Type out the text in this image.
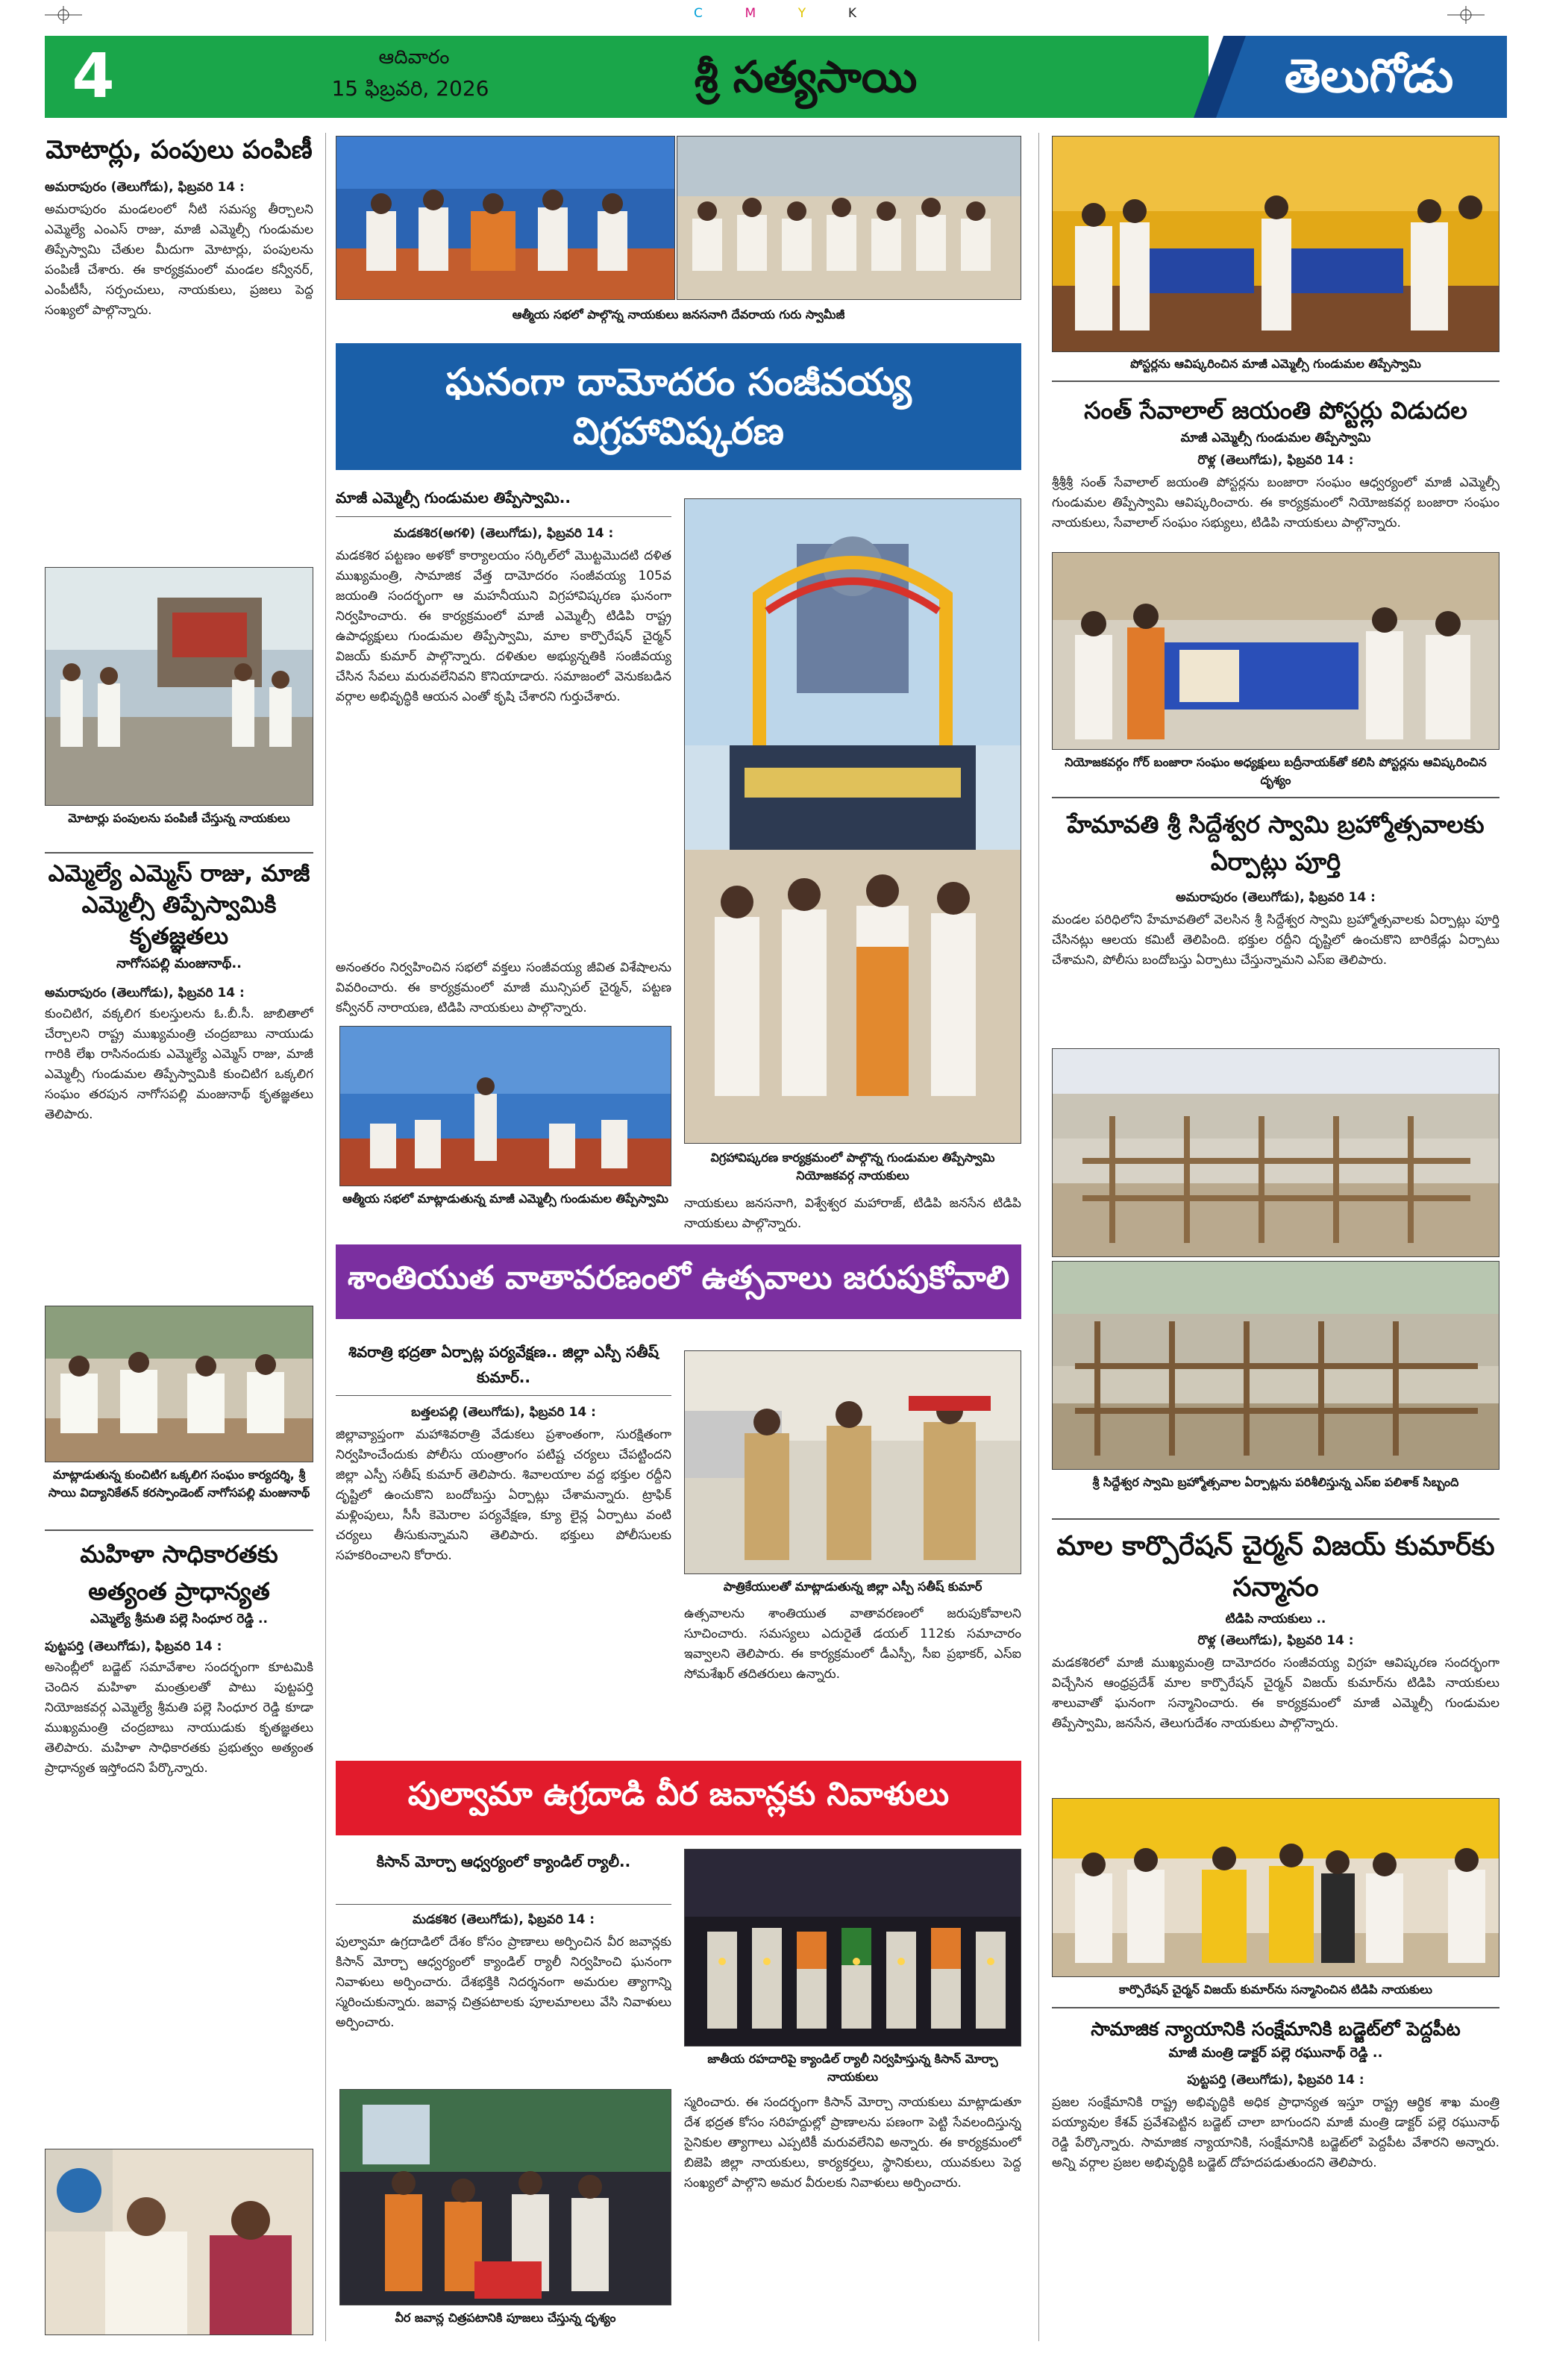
C	M	Y	K
4	ఆదివారం
15 ఫిబ్రవరి, 2026	శ్రీ సత్యసాయి	తెలుగోడు
మోటార్లు, పంపులు పంపిణీ
అమరాపురం (తెలుగోడు), ఫిబ్రవరి 14 :
అమరాపురం మండలంలో నీటి సమస్య తీర్చాలని ఎమ్మెల్యే ఎంఎస్ రాజు, మాజీ ఎమ్మెల్సీ గుండుమల తిప్పేస్వామి చేతుల మీదుగా మోటార్లు, పంపులను పంపిణీ చేశారు. ఈ కార్యక్రమంలో మండల కన్వీనర్, ఎంపీటీసీ, సర్పంచులు, నాయకులు, ప్రజలు పెద్ద సంఖ్యలో పాల్గొన్నారు.
మోటార్లు పంపులను పంపిణీ చేస్తున్న నాయకులు
ఎమ్మెల్యే ఎమ్మెస్ రాజు, మాజీ ఎమ్మెల్సీ తిప్పేస్వామికి కృతజ్ఞతలు
నాగోసపల్లి మంజునాథ్..
అమరాపురం (తెలుగోడు), ఫిబ్రవరి 14 :
కుంచిటిగ, వక్కలిగ కులస్తులను ఓ.బీ.సీ. జాబితాలో చేర్చాలని రాష్ట్ర ముఖ్యమంత్రి చంద్రబాబు నాయుడు గారికి లేఖ రాసినందుకు ఎమ్మెల్యే ఎమ్మెస్ రాజు, మాజీ ఎమ్మెల్సీ గుండుమల తిప్పేస్వామికి కుంచిటిగ ఒక్కలిగ సంఘం తరపున నాగోసపల్లి మంజునాథ్ కృతజ్ఞతలు తెలిపారు.
మాట్లాడుతున్న కుంచిటిగ ఒక్కలిగ సంఘం కార్యదర్శి, శ్రీ సాయి విద్యానికేతన్ కరస్పాండెంట్ నాగోసపల్లి మంజునాథ్
మహిళా సాధికారతకు అత్యంత ప్రాధాన్యత
ఎమ్మెల్యే శ్రీమతి పల్లె సింధూర రెడ్డి ..
పుట్టపర్తి (తెలుగోడు), ఫిబ్రవరి 14 :
అసెంబ్లీలో బడ్జెట్ సమావేశాల సందర్భంగా కూటమికి చెందిన మహిళా మంత్రులతో పాటు పుట్టపర్తి నియోజకవర్గ ఎమ్మెల్యే శ్రీమతి పల్లె సింధూర రెడ్డి కూడా ముఖ్యమంత్రి చంద్రబాబు నాయుడుకు కృతజ్ఞతలు తెలిపారు. మహిళా సాధికారతకు ప్రభుత్వం అత్యంత ప్రాధాన్యత ఇస్తోందని పేర్కొన్నారు.
ఆత్మీయ సభలో పాల్గొన్న నాయకులు జనసనాగి దేవరాయ గురు స్వామీజీ
ఘనంగా దామోదరం సంజీవయ్య విగ్రహావిష్కరణ
మాజీ ఎమ్మెల్సీ గుండుమల తిప్పేస్వామి..
మడకశిర(అగళి) (తెలుగోడు), ఫిబ్రవరి 14 :
మడకశిర పట్టణం అళకో కార్యాలయం సర్కిల్‌లో మొట్టమొదటి దళిత ముఖ్యమంత్రి, సామాజిక వేత్త దామోదరం సంజీవయ్య 105వ జయంతి సందర్భంగా ఆ మహనీయుని విగ్రహావిష్కరణ ఘనంగా నిర్వహించారు. ఈ కార్యక్రమంలో మాజీ ఎమ్మెల్సీ టిడిపి రాష్ట్ర ఉపాధ్యక్షులు గుండుమల తిప్పేస్వామి, మాల కార్పొరేషన్ చైర్మన్ విజయ్ కుమార్ పాల్గొన్నారు. దళితుల అభ్యున్నతికి సంజీవయ్య చేసిన సేవలు మరువలేనివని కొనియాడారు. సమాజంలో వెనుకబడిన వర్గాల అభివృద్ధికి ఆయన ఎంతో కృషి చేశారని గుర్తుచేశారు.
అనంతరం నిర్వహించిన సభలో వక్తలు సంజీవయ్య జీవిత విశేషాలను వివరించారు. ఈ కార్యక్రమంలో మాజీ మున్సిపల్ చైర్మన్, పట్టణ కన్వీనర్ నారాయణ, టిడిపి నాయకులు పాల్గొన్నారు.
ఆత్మీయ సభలో మాట్లాడుతున్న మాజీ ఎమ్మెల్సీ గుండుమల తిప్పేస్వామి
విగ్రహావిష్కరణ కార్యక్రమంలో పాల్గొన్న గుండుమల తిప్పేస్వామి నియోజకవర్గ నాయకులు
నాయకులు జనసనాగి, విశ్వేశ్వర మహారాజ్, టిడిపి జనసేన టిడిపి నాయకులు పాల్గొన్నారు.
శాంతియుత వాతావరణంలో ఉత్సవాలు జరుపుకోవాలి
శివరాత్రి భద్రతా ఏర్పాట్ల పర్యవేక్షణ.. జిల్లా ఎస్పీ సతీష్ కుమార్..
బత్తలపల్లి (తెలుగోడు), ఫిబ్రవరి 14 :
జిల్లావ్యాప్తంగా మహాశివరాత్రి వేడుకలు ప్రశాంతంగా, సురక్షితంగా నిర్వహించేందుకు పోలీసు యంత్రాంగం పటిష్ట చర్యలు చేపట్టిందని జిల్లా ఎస్పీ సతీష్ కుమార్ తెలిపారు. శివాలయాల వద్ద భక్తుల రద్దీని దృష్టిలో ఉంచుకొని బందోబస్తు ఏర్పాట్లు చేశామన్నారు. ట్రాఫిక్ మళ్లింపులు, సీసీ కెమెరాల పర్యవేక్షణ, క్యూ లైన్ల ఏర్పాటు వంటి చర్యలు తీసుకున్నామని తెలిపారు. భక్తులు పోలీసులకు సహకరించాలని కోరారు.
పాత్రికేయులతో మాట్లాడుతున్న జిల్లా ఎస్పీ సతీష్ కుమార్
ఉత్సవాలను శాంతియుత వాతావరణంలో జరుపుకోవాలని సూచించారు. సమస్యలు ఎదురైతే డయల్ 112కు సమాచారం ఇవ్వాలని తెలిపారు. ఈ కార్యక్రమంలో డీఎస్పీ, సీఐ ప్రభాకర్, ఎస్ఐ సోమశేఖర్ తదితరులు ఉన్నారు.
పుల్వామా ఉగ్రదాడి వీర జవాన్లకు నివాళులు
కిసాన్ మోర్చా ఆధ్వర్యంలో క్యాండిల్ ర్యాలీ..
మడకశిర (తెలుగోడు), ఫిబ్రవరి 14 :
పుల్వామా ఉగ్రదాడిలో దేశం కోసం ప్రాణాలు అర్పించిన వీర జవాన్లకు కిసాన్ మోర్చా ఆధ్వర్యంలో క్యాండిల్ ర్యాలీ నిర్వహించి ఘనంగా నివాళులు అర్పించారు. దేశభక్తికి నిదర్శనంగా అమరుల త్యాగాన్ని స్మరించుకున్నారు. జవాన్ల చిత్రపటాలకు పూలమాలలు వేసి నివాళులు అర్పించారు.
జాతీయ రహదారిపై క్యాండిల్ ర్యాలీ నిర్వహిస్తున్న కిసాన్ మోర్చా నాయకులు
వీర జవాన్ల చిత్రపటానికి పూజలు చేస్తున్న దృశ్యం
స్మరించారు. ఈ సందర్భంగా కిసాన్ మోర్చా నాయకులు మాట్లాడుతూ దేశ భద్రత కోసం సరిహద్దుల్లో ప్రాణాలను పణంగా పెట్టి సేవలందిస్తున్న సైనికుల త్యాగాలు ఎప్పటికీ మరువలేనివి అన్నారు. ఈ కార్యక్రమంలో బిజెపి జిల్లా నాయకులు, కార్యకర్తలు, స్థానికులు, యువకులు పెద్ద సంఖ్యలో పాల్గొని అమర వీరులకు నివాళులు అర్పించారు.
పోస్టర్లను ఆవిష్కరించిన మాజీ ఎమ్మెల్సీ గుండుమల తిప్పేస్వామి
సంత్ సేవాలాల్ జయంతి పోస్టర్లు విడుదల
మాజీ ఎమ్మెల్సీ గుండుమల తిప్పేస్వామి
రొళ్ల (తెలుగోడు), ఫిబ్రవరి 14 :
శ్రీశ్రీశ్రీ సంత్ సేవాలాల్ జయంతి పోస్టర్లను బంజారా సంఘం ఆధ్వర్యంలో మాజీ ఎమ్మెల్సీ గుండుమల తిప్పేస్వామి ఆవిష్కరించారు. ఈ కార్యక్రమంలో నియోజకవర్గ బంజారా సంఘం నాయకులు, సేవాలాల్ సంఘం సభ్యులు, టిడిపి నాయకులు పాల్గొన్నారు.
నియోజకవర్గం గోర్ బంజారా సంఘం అధ్యక్షులు బద్రీనాయక్‌తో కలిసి పోస్టర్లను ఆవిష్కరించిన దృశ్యం
హేమావతి శ్రీ సిద్దేశ్వర స్వామి బ్రహ్మోత్సవాలకు ఏర్పాట్లు పూర్తి
అమరాపురం (తెలుగోడు), ఫిబ్రవరి 14 :
మండల పరిధిలోని హేమావతిలో వెలసిన శ్రీ సిద్దేశ్వర స్వామి బ్రహ్మోత్సవాలకు ఏర్పాట్లు పూర్తి చేసినట్లు ఆలయ కమిటీ తెలిపింది. భక్తుల రద్దీని దృష్టిలో ఉంచుకొని బారికేడ్లు ఏర్పాటు చేశామని, పోలీసు బందోబస్తు ఏర్పాటు చేస్తున్నామని ఎస్ఐ తెలిపారు.
శ్రీ సిద్దేశ్వర స్వామి బ్రహ్మోత్సవాల ఏర్పాట్లను పరిశీలిస్తున్న ఎస్ఐ పలిశాక్ సిబ్బంది
మాల కార్పొరేషన్ చైర్మన్ విజయ్ కుమార్‌కు సన్మానం
టిడిపి నాయకులు ..
రొళ్ల (తెలుగోడు), ఫిబ్రవరి 14 :
మడకశిరలో మాజీ ముఖ్యమంత్రి దామోదరం సంజీవయ్య విగ్రహ ఆవిష్కరణ సందర్భంగా విచ్చేసిన ఆంధ్రప్రదేశ్ మాల కార్పొరేషన్ చైర్మన్ విజయ్ కుమార్‌ను టిడిపి నాయకులు శాలువాతో ఘనంగా సన్మానించారు. ఈ కార్యక్రమంలో మాజీ ఎమ్మెల్సీ గుండుమల తిప్పేస్వామి, జనసేన, తెలుగుదేశం నాయకులు పాల్గొన్నారు.
కార్పొరేషన్ చైర్మన్ విజయ్ కుమార్‌ను సన్మానించిన టిడిపి నాయకులు
సామాజిక న్యాయానికి సంక్షేమానికి బడ్జెట్‌లో పెద్దపీట
మాజీ మంత్రి డాక్టర్ పల్లె రఘునాథ్ రెడ్డి ..
పుట్టపర్తి (తెలుగోడు), ఫిబ్రవరి 14 :
ప్రజల సంక్షేమానికి రాష్ట్ర అభివృద్ధికి అధిక ప్రాధాన్యత ఇస్తూ రాష్ట్ర ఆర్థిక శాఖ మంత్రి పయ్యావుల కేశవ్ ప్రవేశపెట్టిన బడ్జెట్ చాలా బాగుందని మాజీ మంత్రి డాక్టర్ పల్లె రఘునాథ్ రెడ్డి పేర్కొన్నారు. సామాజిక న్యాయానికి, సంక్షేమానికి బడ్జెట్‌లో పెద్దపీట వేశారని అన్నారు. అన్ని వర్గాల ప్రజల అభివృద్ధికి బడ్జెట్ దోహదపడుతుందని తెలిపారు.
